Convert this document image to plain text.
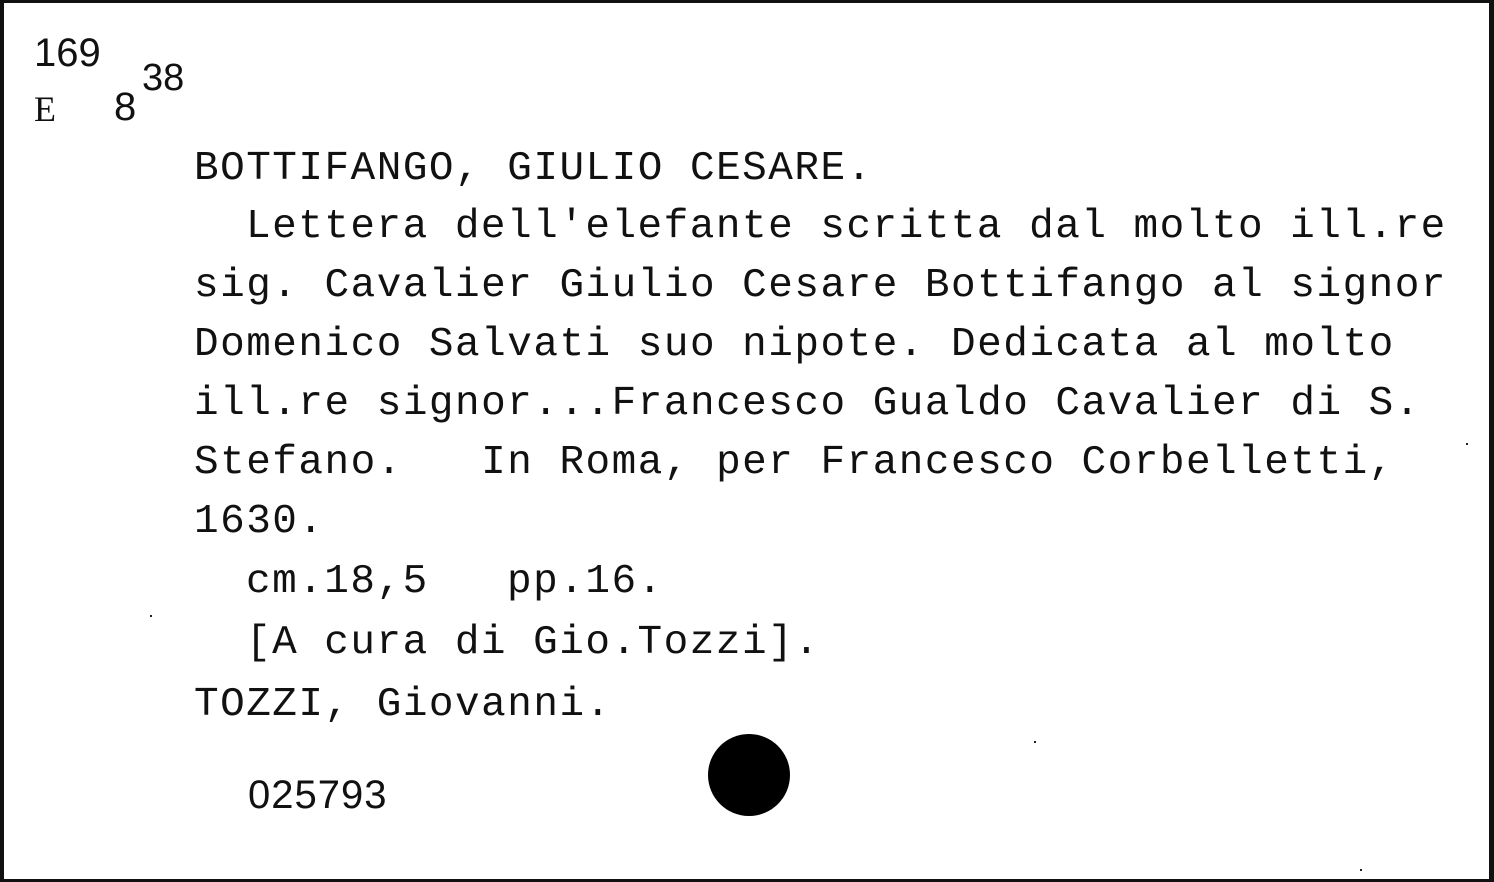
169
E 8
38
BOTTIFANGO, GIULIO CESARE.
Lettera dell'elefante scritta dal molto ill.re
sig. Cavalier Giulio Cesare Bottifango al signor
Domenico Salvati suo nipote. Dedicata al molto
ill.re signor...Francesco Gualdo Cavalier di S.
Stefano.   In Roma, per Francesco Corbelletti,
1630.
cm.18,5   pp.16.
[A cura di Gio.Tozzi].
TOZZI, Giovanni.
025793
